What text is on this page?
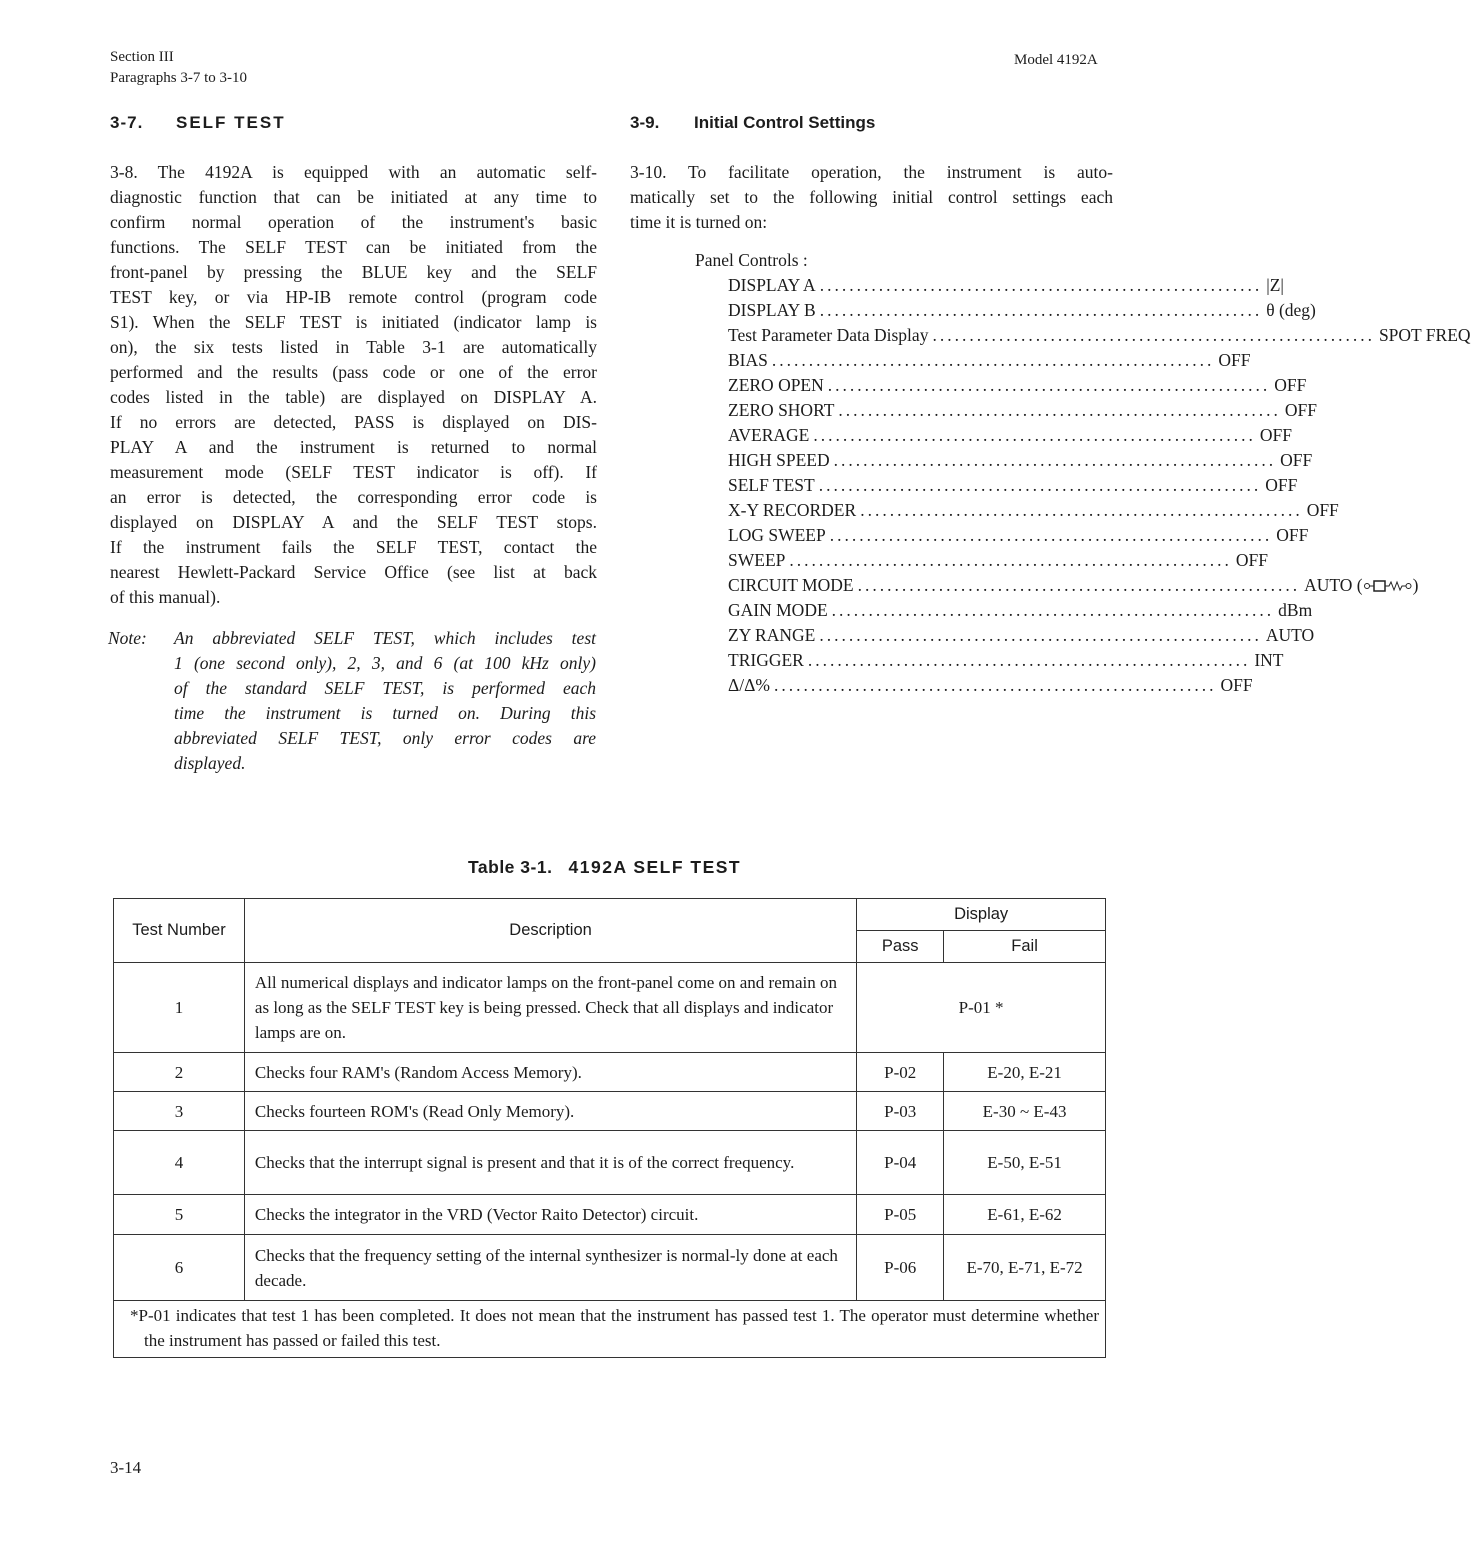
Section III
Paragraphs 3-7 to 3-10
Model 4192A
3-7. SELF TEST
3-8. The 4192A is equipped with an automatic self-
diagnostic function that can be initiated at any time to
confirm normal operation of the instrument's basic
functions. The SELF TEST can be initiated from the
front-panel by pressing the BLUE key and the SELF
TEST key, or via HP-IB remote control (program code
S1). When the SELF TEST is initiated (indicator lamp is
on), the six tests listed in Table 3-1 are automatically
performed and the results (pass code or one of the error
codes listed in the table) are displayed on DISPLAY A.
If no errors are detected, PASS is displayed on DIS-
PLAY A and the instrument is returned to normal
measurement mode (SELF TEST indicator is off). If
an error is detected, the corresponding error code is
displayed on DISPLAY A and the SELF TEST stops.
If the instrument fails the SELF TEST, contact the
nearest Hewlett-Packard Service Office (see list at back
of this manual).
Note: An abbreviated SELF TEST, which includes test
1 (one second only), 2, 3, and 6 (at 100 kHz only)
of the standard SELF TEST, is performed each
time the instrument is turned on. During this
abbreviated SELF TEST, only error codes are
displayed.
3-9. Initial Control Settings
3-10. To facilitate operation, the instrument is auto-
matically set to the following initial control settings each
time it is turned on:
Panel Controls :
DISPLAY A ............................................................ |Z|
DISPLAY B ............................................................ θ (deg)
Test Parameter Data Display ............................................................ SPOT FREQ
BIAS ............................................................ OFF
ZERO OPEN ............................................................ OFF
ZERO SHORT ............................................................ OFF
AVERAGE ............................................................ OFF
HIGH SPEED ............................................................ OFF
SELF TEST ............................................................ OFF
X-Y RECORDER ............................................................ OFF
LOG SWEEP ............................................................ OFF
SWEEP ............................................................ OFF
CIRCUIT MODE ............................................................ AUTO (	)
GAIN MODE ............................................................ dBm
ZY RANGE ............................................................ AUTO
TRIGGER ............................................................ INT
Δ/Δ% ............................................................ OFF
Table 3-1. 4192A SELF TEST
Test Number	Description	Display	
		Pass	Fail
1	All numerical displays and indicator lamps on the front-panel come on and remain on as long as the SELF TEST key is being pressed. Check that all displays and indicator lamps are on.	P-01 *	
2	Checks four RAM's (Random Access Memory).	P-02	E-20, E-21
3	Checks fourteen ROM's (Read Only Memory).	P-03	E-30 ~ E-43
4	Checks that the interrupt signal is present and that it is of the correct frequency.	P-04	E-50, E-51
5	Checks the integrator in the VRD (Vector Raito Detector) circuit.	P-05	E-61, E-62
6	Checks that the frequency setting of the internal synthesizer is normal-ly done at each decade.	P-06	E-70, E-71, E-72
*P-01 indicates that test 1 has been completed. It does not mean that the instrument has passed test 1. The operator must determine whether the instrument has passed or failed this test.			
3-14
